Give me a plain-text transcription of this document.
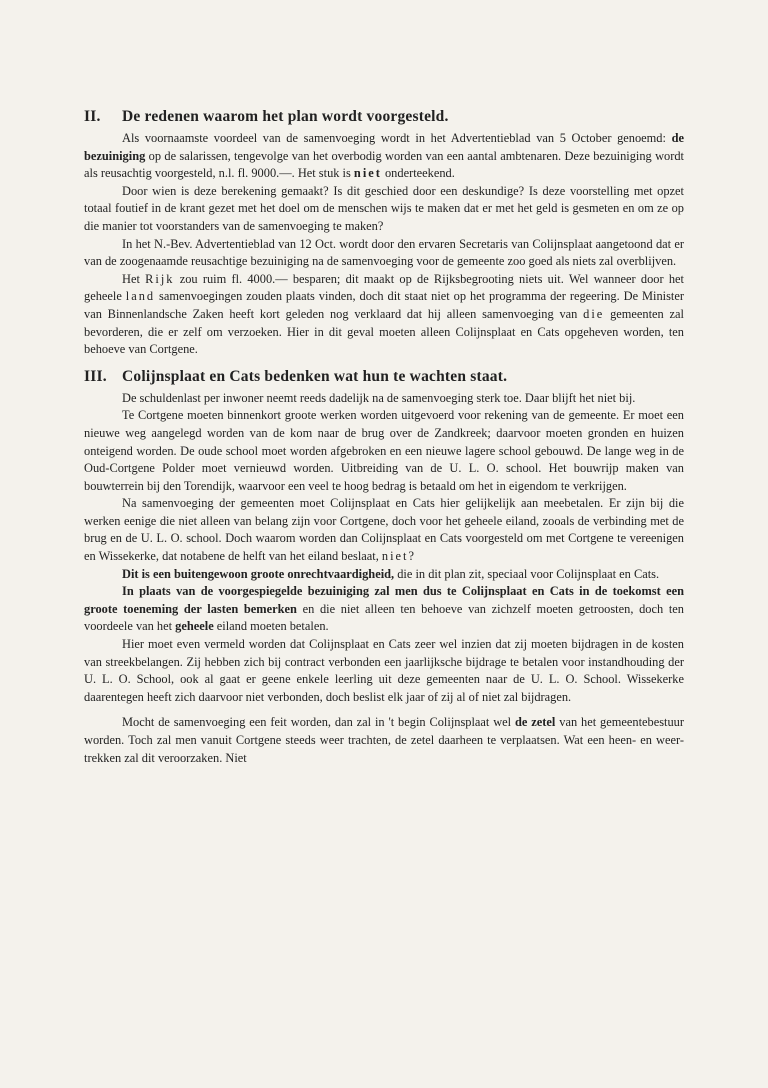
II. De redenen waarom het plan wordt voorgesteld.

Als voornaamste voordeel van de samenvoeging wordt in het Advertentieblad van 5 October genoemd: de bezuiniging op de salarissen, tengevolge van het overbodig worden van een aantal ambtenaren. Deze bezuiniging wordt als reusachtig voorgesteld, n.l. fl. 9000.—. Het stuk is niet onderteekend.

Door wien is deze berekening gemaakt? Is dit geschied door een deskundige? Is deze voorstelling met opzet totaal foutief in de krant gezet met het doel om de menschen wijs te maken dat er met het geld is gesmeten en om ze op die manier tot voorstanders van de samenvoeging te maken?

In het N.-Bev. Advertentieblad van 12 Oct. wordt door den ervaren Secretaris van Colijnsplaat aangetoond dat er van de zoogenaamde reusachtige bezuiniging na de samenvoeging voor de gemeente zoo goed als niets zal overblijven.

Het Rijk zou ruim fl. 4000.— besparen; dit maakt op de Rijksbegrooting niets uit. Wel wanneer door het geheele land samenvoegingen zouden plaats vinden, doch dit staat niet op het programma der regeering. De Minister van Binnenlandsche Zaken heeft kort geleden nog verklaard dat hij alleen samenvoeging van die gemeenten zal bevorderen, die er zelf om verzoeken. Hier in dit geval moeten alleen Colijnsplaat en Cats opgeheven worden, ten behoeve van Cortgene.

III. Colijnsplaat en Cats bedenken wat hun te wachten staat.

De schuldenlast per inwoner neemt reeds dadelijk na de samenvoeging sterk toe. Daar blijft het niet bij.

Te Cortgene moeten binnenkort groote werken worden uitgevoerd voor rekening van de gemeente. Er moet een nieuwe weg aangelegd worden van de kom naar de brug over de Zandkreek; daarvoor moeten gronden en huizen onteigend worden. De oude school moet worden afgebroken en een nieuwe lagere school gebouwd. De lange weg in de Oud-Cortgene Polder moet vernieuwd worden. Uitbreiding van de U. L. O. school. Het bouwrijp maken van bouwterrein bij den Torendijk, waarvoor een veel te hoog bedrag is betaald om het in eigendom te verkrijgen.

Na samenvoeging der gemeenten moet Colijnsplaat en Cats hier gelijkelijk aan meebetalen. Er zijn bij die werken eenige die niet alleen van belang zijn voor Cortgene, doch voor het geheele eiland, zooals de verbinding met de brug en de U. L. O. school. Doch waarom worden dan Colijnsplaat en Cats voorgesteld om met Cortgene te vereenigen en Wissekerke, dat notabene de helft van het eiland beslaat, niet?

Dit is een buitengewoon groote onrechtvaardigheid, die in dit plan zit, speciaal voor Colijnsplaat en Cats.

In plaats van de voorgespiegelde bezuiniging zal men dus te Colijnsplaat en Cats in de toekomst een groote toeneming der lasten bemerken en die niet alleen ten behoeve van zichzelf moeten getroosten, doch ten voordeele van het geheele eiland moeten betalen.

Hier moet even vermeld worden dat Colijnsplaat en Cats zeer wel inzien dat zij moeten bijdragen in de kosten van streekbelangen. Zij hebben zich bij contract verbonden een jaarlijksche bijdrage te betalen voor instandhouding der U. L. O. School, ook al gaat er geene enkele leerling uit deze gemeenten naar de U. L. O. School. Wissekerke daarentegen heeft zich daarvoor niet verbonden, doch beslist elk jaar of zij al of niet zal bijdragen.

Mocht de samenvoeging een feit worden, dan zal in 't begin Colijnsplaat wel de zetel van het gemeentebestuur worden. Toch zal men vanuit Cortgene steeds weer trachten, de zetel daarheen te verplaatsen. Wat een heen- en weer-trekken zal dit veroorzaken. Niet
